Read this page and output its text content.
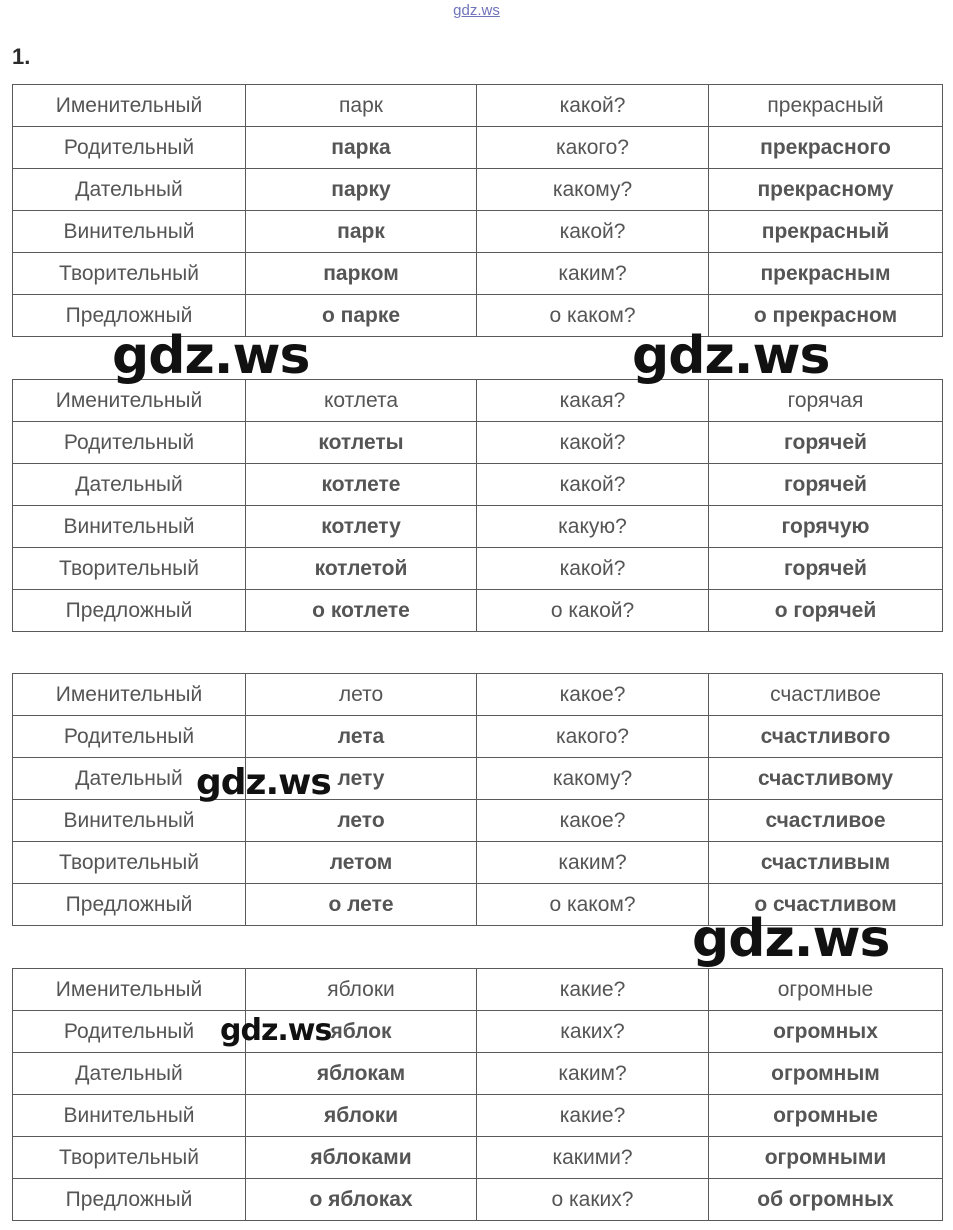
gdz.ws
1.
Именительный	парк	какой?	прекрасный
Родительный	парка	какого?	прекрасного
Дательный	парку	какому?	прекрасному
Винительный	парк	какой?	прекрасный
Творительный	парком	каким?	прекрасным
Предложный	о парке	о каком?	о прекрасном
Именительный	котлета	какая?	горячая
Родительный	котлеты	какой?	горячей
Дательный	котлете	какой?	горячей
Винительный	котлету	какую?	горячую
Творительный	котлетой	какой?	горячей
Предложный	о котлете	о какой?	о горячей
Именительный	лето	какое?	счастливое
Родительный	лета	какого?	счастливого
Дательный	лету	какому?	счастливому
Винительный	лето	какое?	счастливое
Творительный	летом	каким?	счастливым
Предложный	о лете	о каком?	о счастливом
Именительный	яблоки	какие?	огромные
Родительный	яблок	каких?	огромных
Дательный	яблокам	каким?	огромным
Винительный	яблоки	какие?	огромные
Творительный	яблоками	какими?	огромными
Предложный	о яблоках	о каких?	об огромных
gdz.ws	gdz.ws
gdz.ws
gdz.ws
gdz.ws
